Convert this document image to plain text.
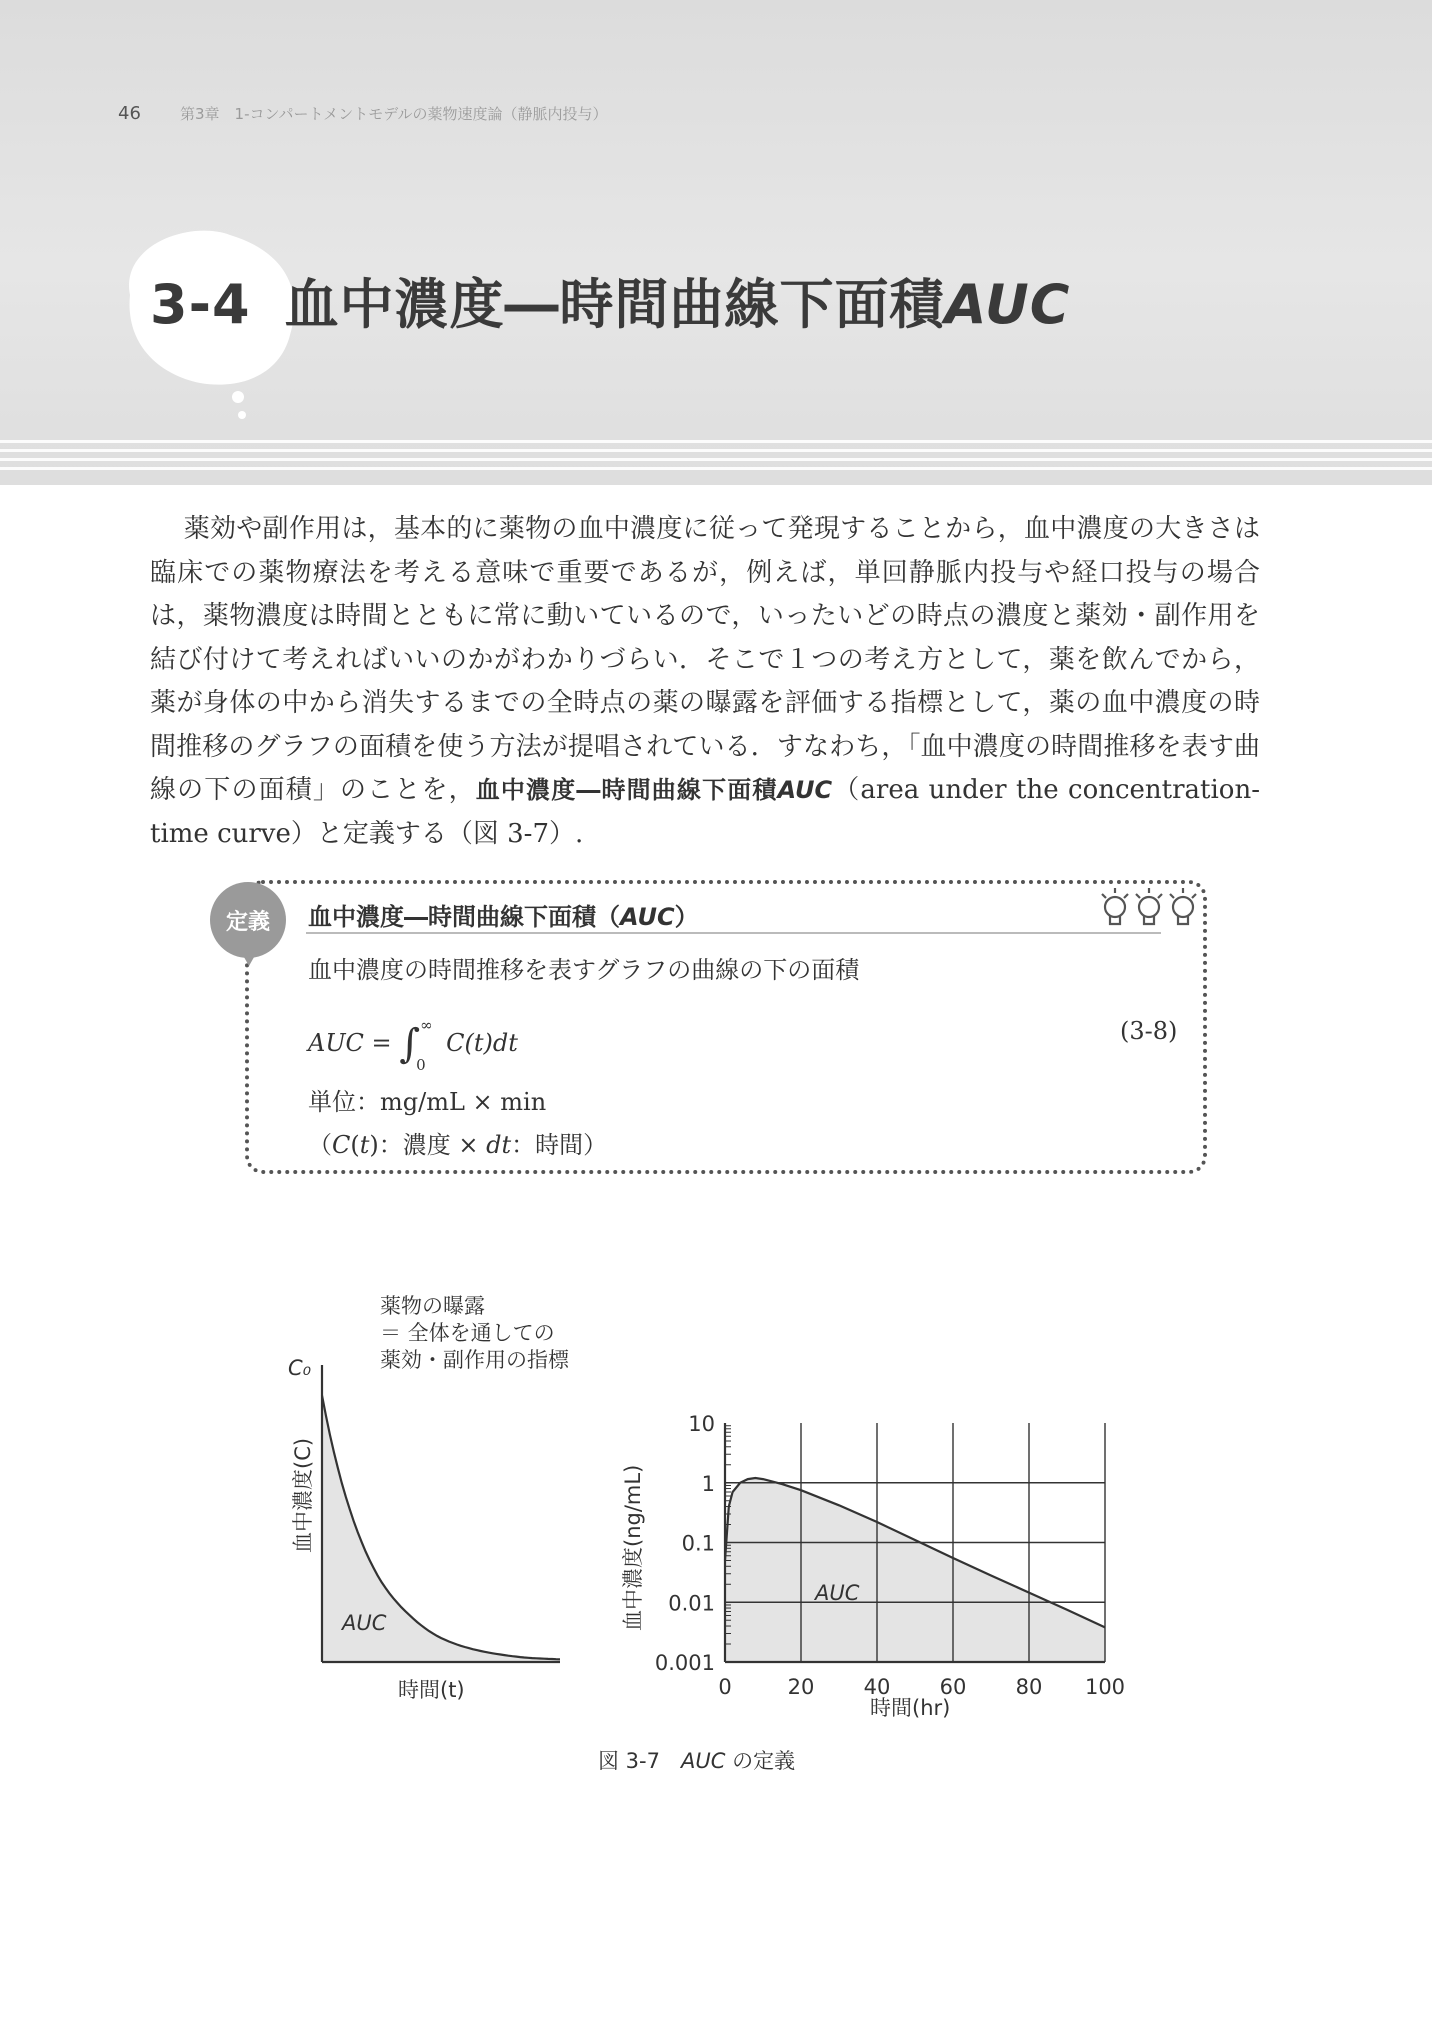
46	第3章　1-コンパートメントモデルの薬物速度論（静脈内投与）
3-4 血中濃度―時間曲線下面積AUC
薬効や副作用は，基本的に薬物の血中濃度に従って発現することから，血中濃度の大きさは臨床での薬物療法を考える意味で重要であるが，例えば，単回静脈内投与や経口投与の場合は，薬物濃度は時間とともに常に動いているので，いったいどの時点の濃度と薬効・副作用を結び付けて考えればいいのかがわかりづらい．そこで１つの考え方として，薬を飲んでから，薬が身体の中から消失するまでの全時点の薬の曝露を評価する指標として，薬の血中濃度の時間推移のグラフの面積を使う方法が提唱されている．すなわち，「血中濃度の時間推移を表す曲線の下の面積」のことを，血中濃度―時間曲線下面積AUC（area under the concentration-time curve）と定義する（図 3-7）.
定義	血中濃度―時間曲線下面積（AUC）
血中濃度の時間推移を表すグラフの曲線の下の面積
AUC = ∫ ∞
0
C(t)dt	(3-8)
単位：mg/mL × min
（C(t)：濃度 × dt：時間）
薬物の曝露
＝ 全体を通しての
薬効・副作用の指標
C₀
AUC
時間(t)
血中濃度(C)
0.001
0.01
0.1
1
10
0	20 40 60 80 100
AUC
時間(hr)
血中濃度(ng/mL)
図 3-7　AUC の定義
